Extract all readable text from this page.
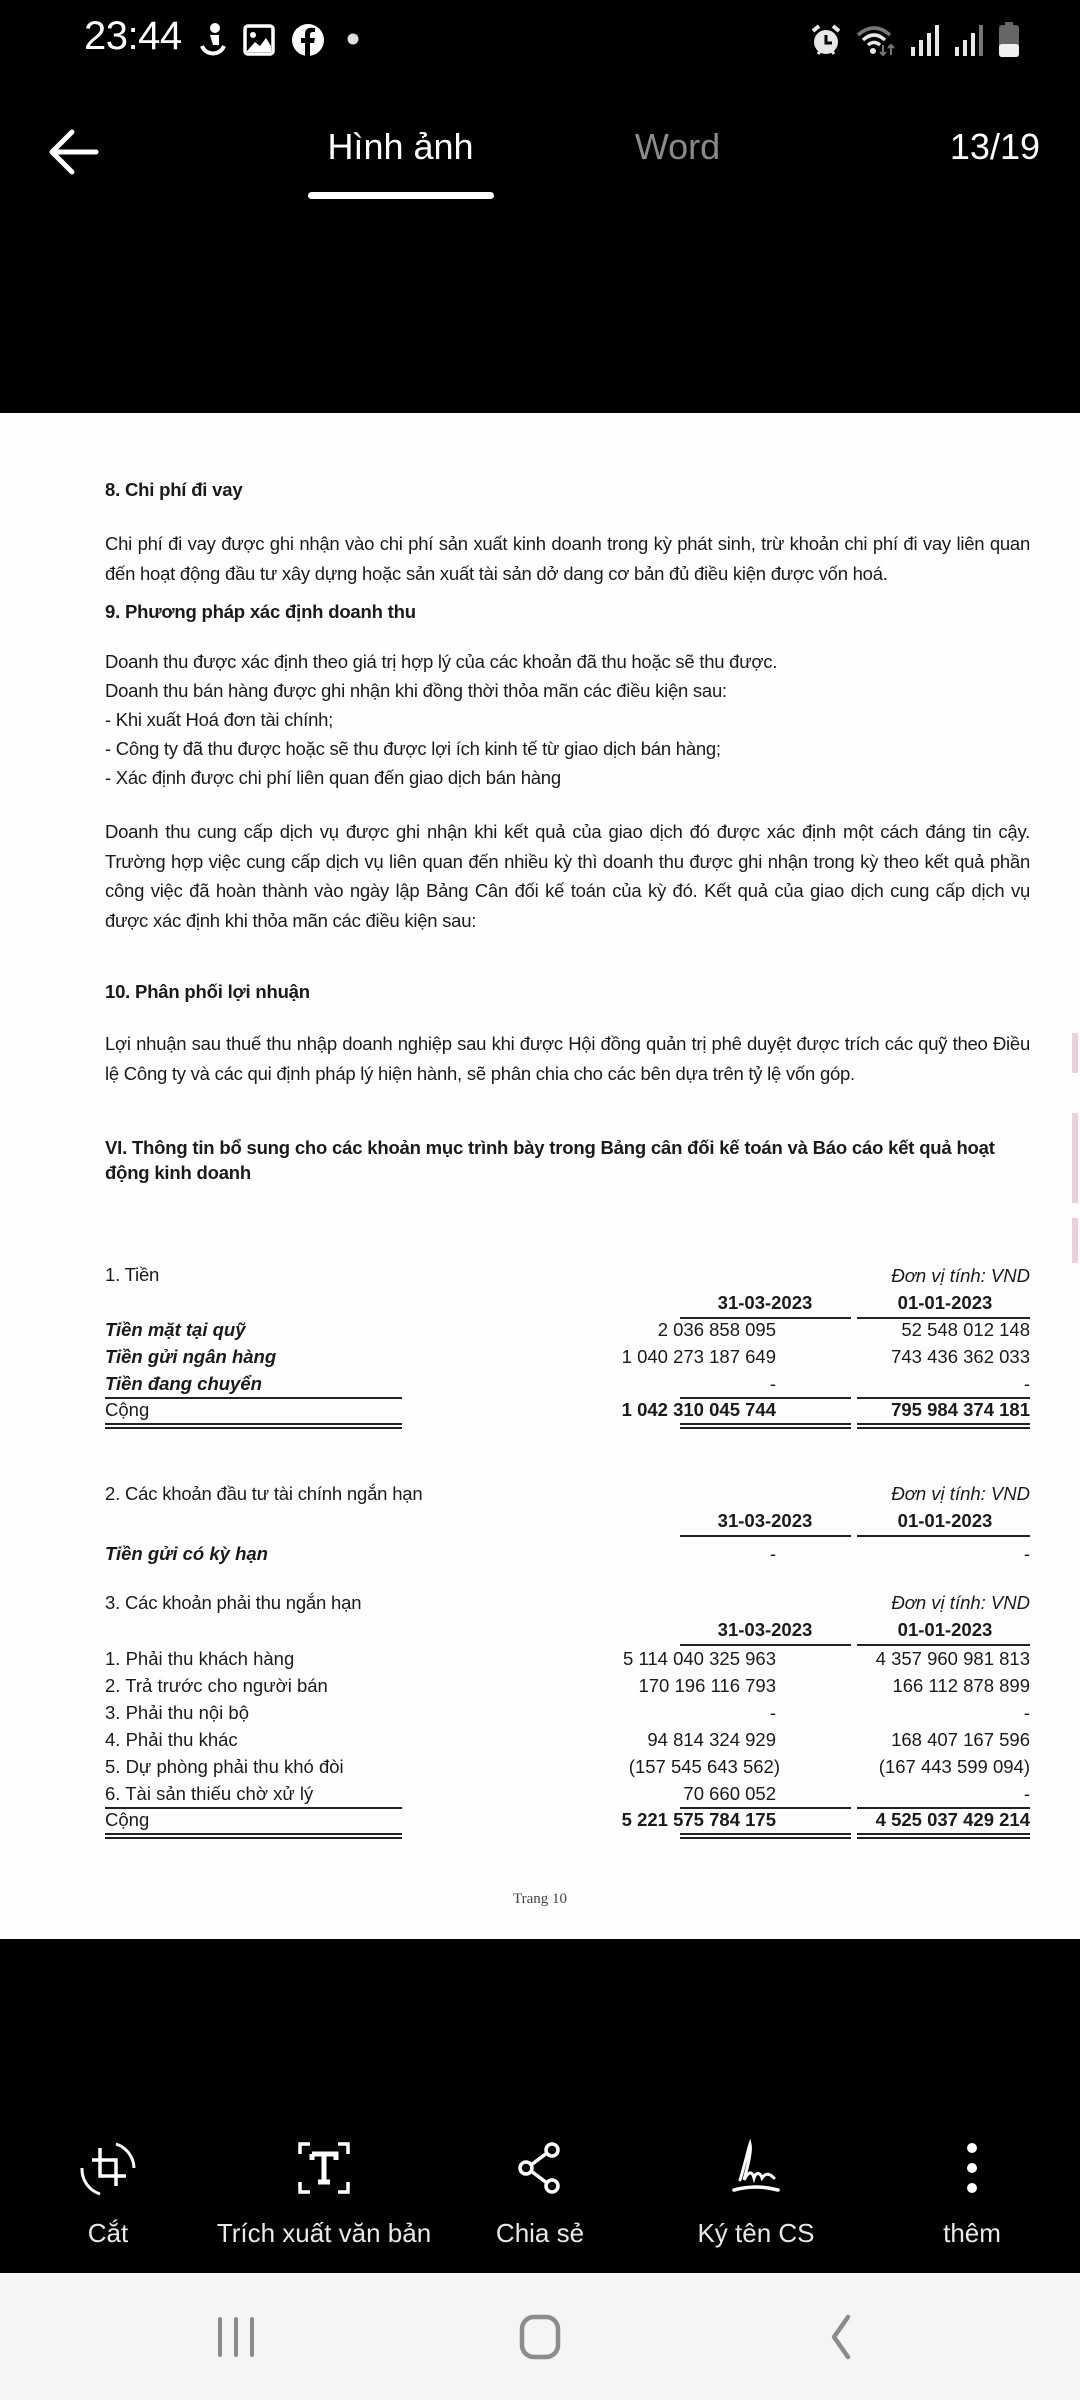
23:44
Hình ảnh	Word	13/19
8. Chi phí đi vay
Chi phí đi vay được ghi nhận vào chi phí sản xuất kinh doanh trong kỳ phát sinh, trừ khoản chi phí đi vay liên quan đến hoạt động đầu tư xây dựng hoặc sản xuất tài sản dở dang cơ bản đủ điều kiện được vốn hoá.
9. Phương pháp xác định doanh thu
Doanh thu được xác định theo giá trị hợp lý của các khoản đã thu hoặc sẽ thu được.
Doanh thu bán hàng được ghi nhận khi đồng thời thỏa mãn các điều kiện sau:
- Khi xuất Hoá đơn tài chính;
- Công ty đã thu được hoặc sẽ thu được lợi ích kinh tế từ giao dịch bán hàng;
- Xác định được chi phí liên quan đến giao dịch bán hàng
Doanh thu cung cấp dịch vụ được ghi nhận khi kết quả của giao dịch đó được xác định một cách đáng tin cậy. Trường hợp việc cung cấp dịch vụ liên quan đến nhiều kỳ thì doanh thu được ghi nhận trong kỳ theo kết quả phần công việc đã hoàn thành vào ngày lập Bảng Cân đối kế toán của kỳ đó. Kết quả của giao dịch cung cấp dịch vụ được xác định khi thỏa mãn các điều kiện sau:
10. Phân phối lợi nhuận
Lợi nhuận sau thuế thu nhập doanh nghiệp sau khi được Hội đồng quản trị phê duyệt được trích các quỹ theo Điều lệ Công ty và các qui định pháp lý hiện hành, sẽ phân chia cho các bên dựa trên tỷ lệ vốn góp.
VI. Thông tin bổ sung cho các khoản mục trình bày trong Bảng cân đối kế toán và Báo cáo kết quả hoạt động kinh doanh
1. Tiền	Đơn vị tính: VND
31-03-2023	01-01-2023
Tiền mặt tại quỹ	2 036 858 095	52 548 012 148
Tiền gửi ngân hàng	1 040 273 187 649	743 436 362 033
Tiền đang chuyển	-	-
Cộng	1 042 310 045 744	795 984 374 181
2. Các khoản đầu tư tài chính ngắn hạn	Đơn vị tính: VND
31-03-2023	01-01-2023
Tiền gửi có kỳ hạn	-	-
3. Các khoản phải thu ngắn hạn	Đơn vị tính: VND
31-03-2023	01-01-2023
1. Phải thu khách hàng	5 114 040 325 963	4 357 960 981 813
2. Trả trước cho người bán	170 196 116 793	166 112 878 899
3. Phải thu nội bộ	-	-
4. Phải thu khác	94 814 324 929	168 407 167 596
5. Dự phòng phải thu khó đòi	(157 545 643 562)	(167 443 599 094)
6. Tài sản thiếu chờ xử lý	70 660 052	-
Cộng	5 221 575 784 175	4 525 037 429 214
Trang 10
Cắt	Trích xuất văn bản	Chia sẻ	Ký tên CS	thêm
